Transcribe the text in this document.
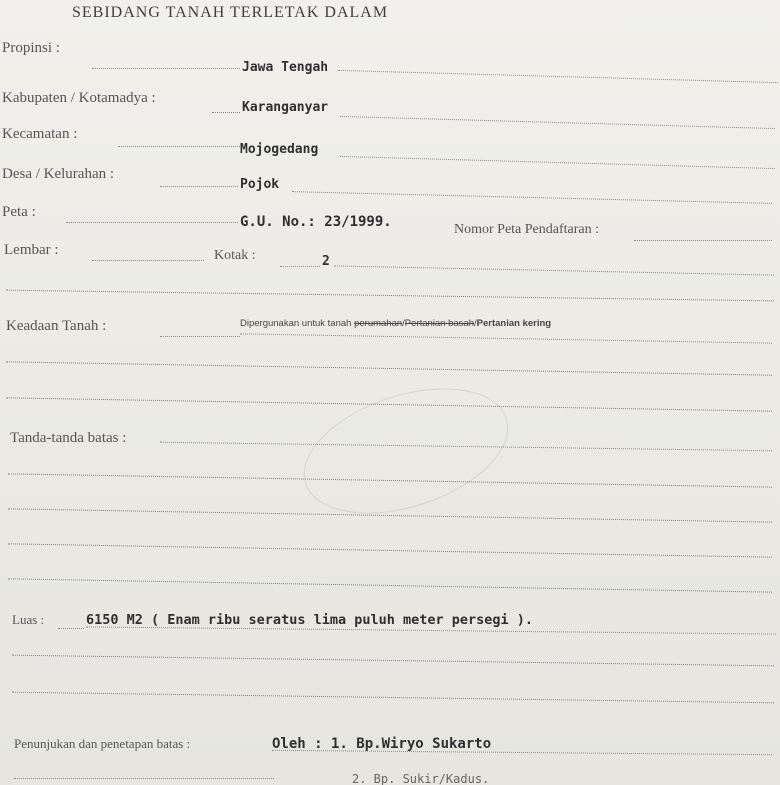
SEBIDANG TANAH TERLETAK DALAM
Propinsi :
Jawa Tengah
Kabupaten / Kotamadya :
Karanganyar
Kecamatan :
Mojogedang
Desa / Kelurahan :
Pojok
Peta :
G.U. No.: 23/1999.	Nomor Peta Pendaftaran :
Lembar :	Kotak :	2
Keadaan Tanah :	Dipergunakan untuk tanah perumahan/Pertanian basah/Pertanian kering
Tanda-tanda batas :
Luas :	6150 M2 ( Enam ribu seratus lima puluh meter persegi ).
Penunjukan dan penetapan batas :	Oleh : 1. Bp.Wiryo Sukarto
2. Bp. Sukir/Kadus.
